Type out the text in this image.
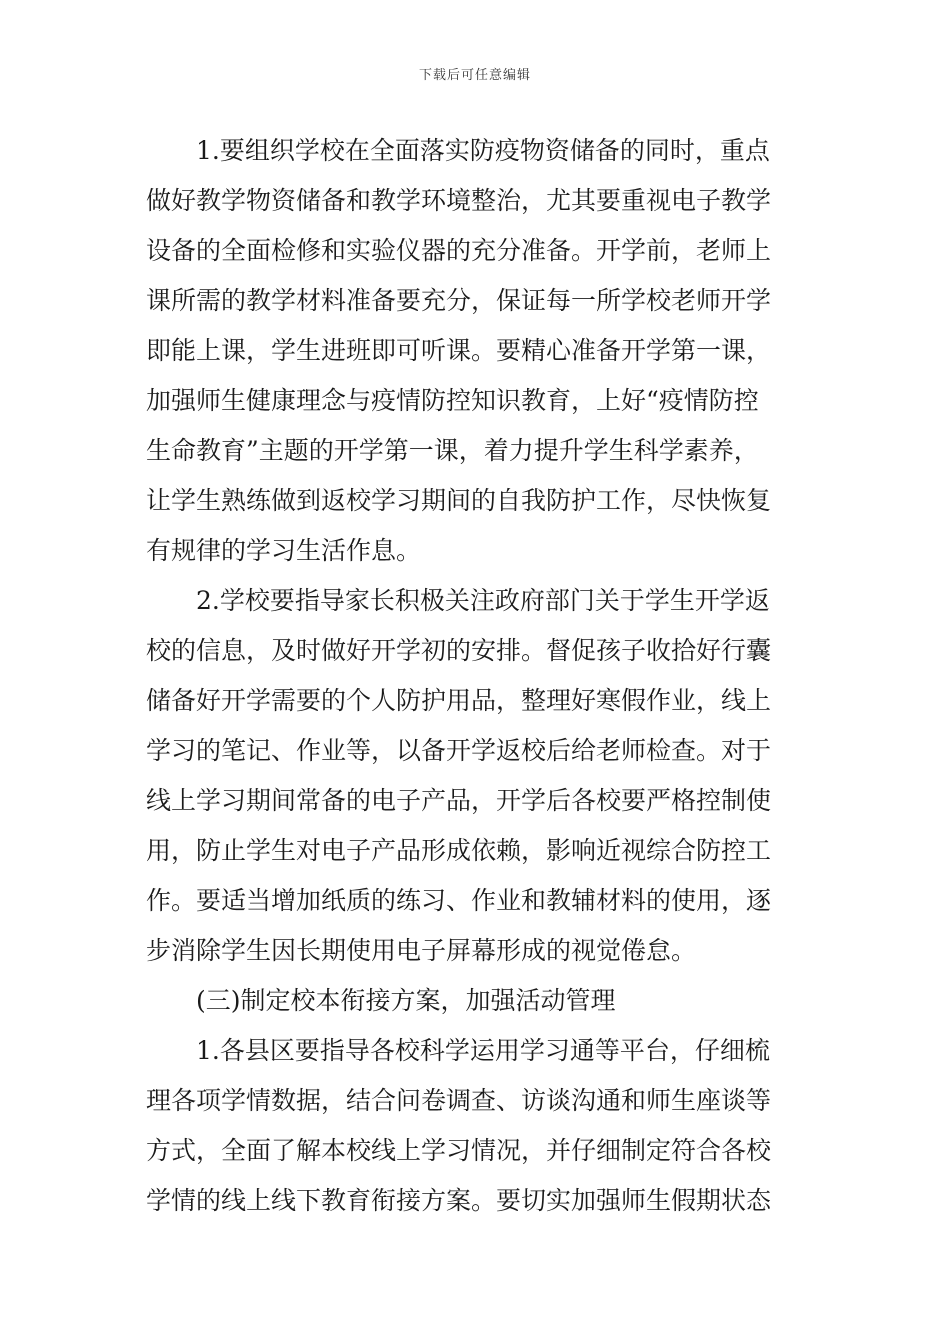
下载后可任意编辑
1.要组织学校在全面落实防疫物资储备的同时，重点
做好教学物资储备和教学环境整治，尤其要重视电子教学
设备的全面检修和实验仪器的充分准备。开学前，老师上
课所需的教学材料准备要充分，保证每一所学校老师开学
即能上课，学生进班即可听课。要精心准备开学第一课，
加强师生健康理念与疫情防控知识教育，上好“疫情防控
生命教育”主题的开学第一课，着力提升学生科学素养，
让学生熟练做到返校学习期间的自我防护工作，尽快恢复
有规律的学习生活作息。
2.学校要指导家长积极关注政府部门关于学生开学返
校的信息，及时做好开学初的安排。督促孩子收拾好行囊
储备好开学需要的个人防护用品，整理好寒假作业，线上
学习的笔记、作业等，以备开学返校后给老师检查。对于
线上学习期间常备的电子产品，开学后各校要严格控制使
用，防止学生对电子产品形成依赖，影响近视综合防控工
作。要适当增加纸质的练习、作业和教辅材料的使用，逐
步消除学生因长期使用电子屏幕形成的视觉倦怠。
(三)制定校本衔接方案，加强活动管理
1.各县区要指导各校科学运用学习通等平台，仔细梳
理各项学情数据，结合问卷调查、访谈沟通和师生座谈等
方式，全面了解本校线上学习情况，并仔细制定符合各校
学情的线上线下教育衔接方案。要切实加强师生假期状态
